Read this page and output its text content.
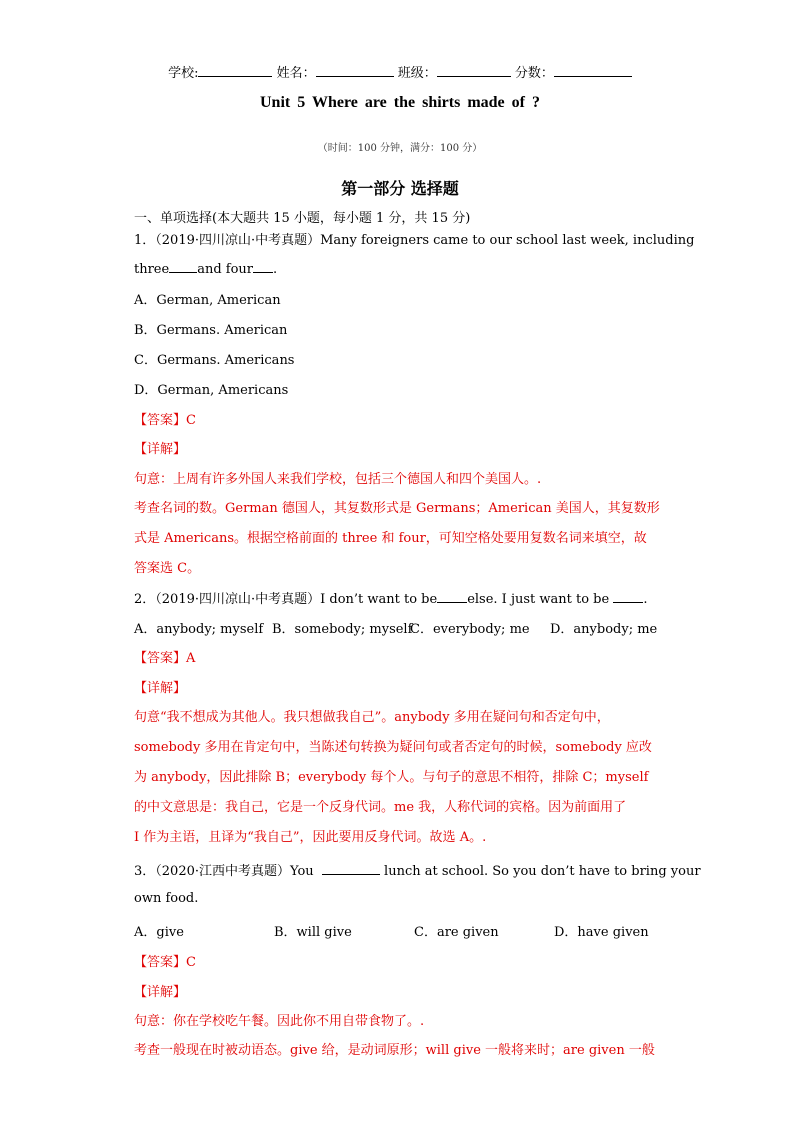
学校:	姓名：	班级：	分数：
Unit 5 Where are the shirts made of ?
（时间：100 分钟，满分：100 分）
第一部分 选择题
一、单项选择(本大题共 15 小题，每小题 1 分，共 15 分)
1．（2019·四川凉山·中考真题）Many foreigners came to our school last week, including
three and four .
A．German, American
B．Germans. American
C．Germans. Americans
D．German, Americans
【答案】C
【详解】
句意：上周有许多外国人来我们学校，包括三个德国人和四个美国人。.
考查名词的数。German 德国人，其复数形式是 Germans；American 美国人，其复数形
式是 Americans。根据空格前面的 three 和 four，可知空格处要用复数名词来填空，故
答案选 C。
2．（2019·四川凉山·中考真题）I don’t want to be else. I just want to be	.
A．anybody; myself B．somebody; myselfC．everybody; me D．anybody; me
【答案】A
【详解】
句意“我不想成为其他人。我只想做我自己”。anybody 多用在疑问句和否定句中，
somebody 多用在肯定句中，当陈述句转换为疑问句或者否定句的时候，somebody 应改
为 anybody，因此排除 B；everybody 每个人。与句子的意思不相符，排除 C；myself
的中文意思是：我自己，它是一个反身代词。me 我，人称代词的宾格。因为前面用了
I 作为主语，且译为“我自己”，因此要用反身代词。故选 A。.
3．（2020·江西中考真题）You	lunch at school. So you don’t have to bring your
own food.
A．give	B．will give	C．are given	D．have given
【答案】C
【详解】
句意：你在学校吃午餐。因此你不用自带食物了。.
考查一般现在时被动语态。give 给，是动词原形；will give 一般将来时；are given 一般
